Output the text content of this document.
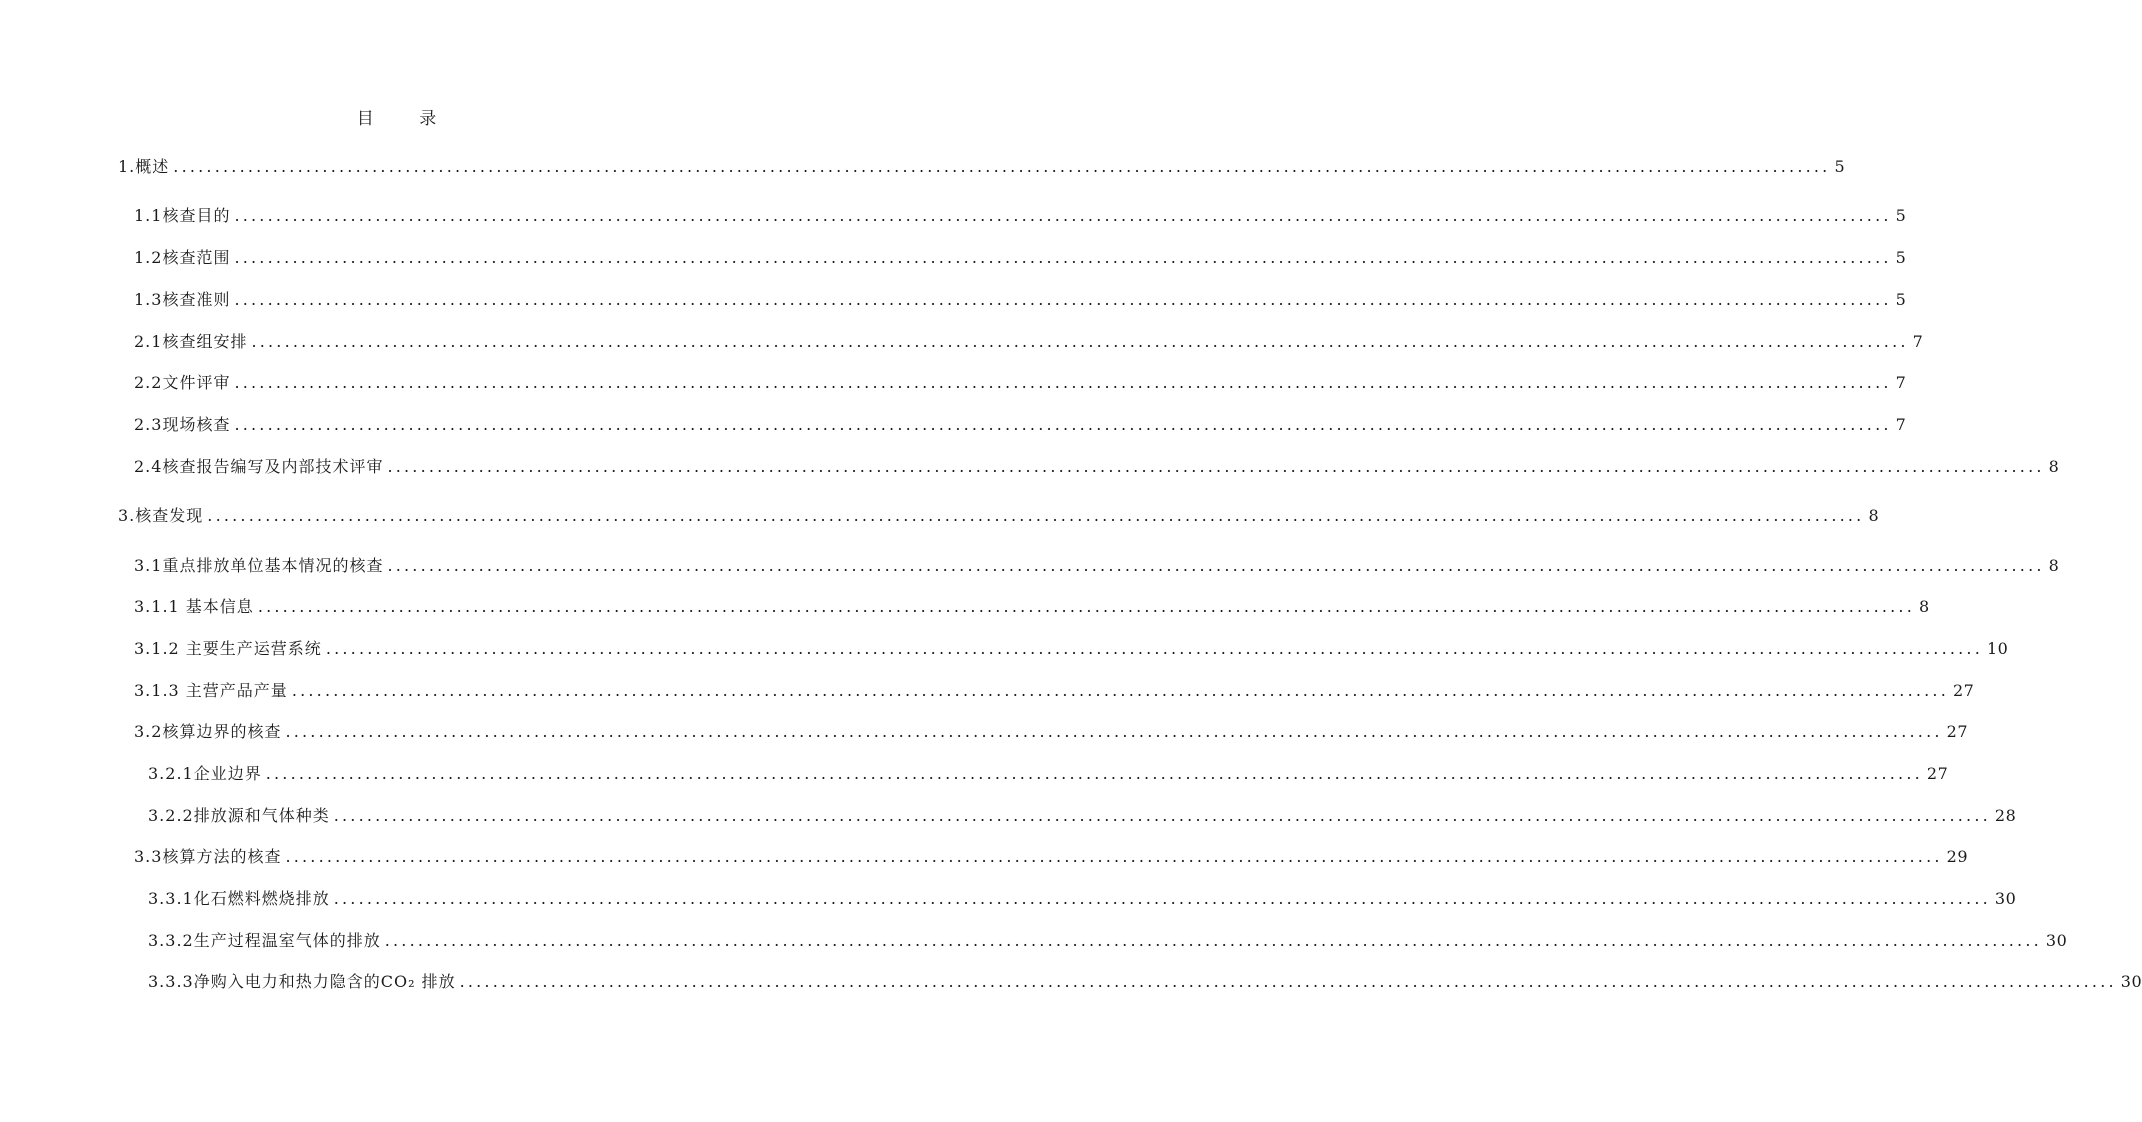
目 录
1.概述 ........................................................................................................................................................................................................ 5
1.1核查目的 ........................................................................................................................................................................................................ 5
1.2核查范围 ........................................................................................................................................................................................................ 5
1.3核查准则 ........................................................................................................................................................................................................ 5
2.1核查组安排 ........................................................................................................................................................................................................ 7
2.2文件评审 ........................................................................................................................................................................................................ 7
2.3现场核查 ........................................................................................................................................................................................................ 7
2.4核查报告编写及内部技术评审 ........................................................................................................................................................................................................ 8
3.核查发现 ........................................................................................................................................................................................................ 8
3.1重点排放单位基本情况的核查 ........................................................................................................................................................................................................ 8
3.1.1 基本信息 ........................................................................................................................................................................................................ 8
3.1.2 主要生产运营系统 ........................................................................................................................................................................................................ 10
3.1.3 主营产品产量 ........................................................................................................................................................................................................ 27
3.2核算边界的核查 ........................................................................................................................................................................................................ 27
3.2.1企业边界 ........................................................................................................................................................................................................ 27
3.2.2排放源和气体种类 ........................................................................................................................................................................................................ 28
3.3核算方法的核查 ........................................................................................................................................................................................................ 29
3.3.1化石燃料燃烧排放 ........................................................................................................................................................................................................ 30
3.3.2生产过程温室气体的排放 ........................................................................................................................................................................................................ 30
3.3.3净购入电力和热力隐含的CO₂ 排放 ........................................................................................................................................................................................................ 30
